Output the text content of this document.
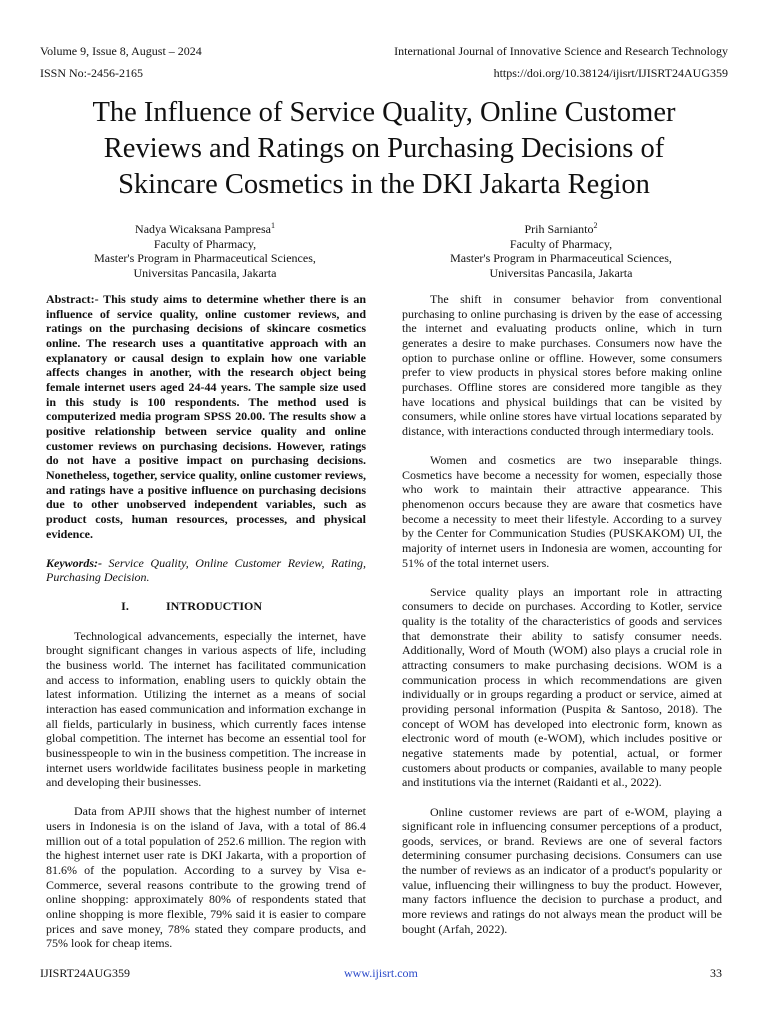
Volume 9, Issue 8, August – 2024	International Journal of Innovative Science and Research Technology
ISSN No:-2456-2165	https://doi.org/10.38124/ijisrt/IJISRT24AUG359
The Influence of Service Quality, Online Customer
Reviews and Ratings on Purchasing Decisions of
Skincare Cosmetics in the DKI Jakarta Region
Nadya Wicaksana Pampresa$^1$
Faculty of Pharmacy,
Master's Program in Pharmaceutical Sciences,
Universitas Pancasila, Jakarta
Prih Sarnianto$^2$
Faculty of Pharmacy,
Master's Program in Pharmaceutical Sciences,
Universitas Pancasila, Jakarta

Abstract:- This study aims to determine whether there is an influence of service quality, online customer reviews, and ratings on the purchasing decisions of skincare cosmetics online. The research uses a quantitative approach with an explanatory or causal design to explain how one variable affects changes in another, with the research object being female internet users aged 24-44 years. The sample size used in this study is 100 respondents. The method used is computerized media program SPSS 20.00. The results show a positive relationship between service quality and online customer reviews on purchasing decisions. However, ratings do not have a positive impact on purchasing decisions. Nonetheless, together, service quality, online customer reviews, and ratings have a positive influence on purchasing decisions due to other unobserved independent variables, such as product costs, human resources, processes, and physical evidence.

Keywords:- Service Quality, Online Customer Review, Rating, Purchasing Decision.

I.	INTRODUCTION

Technological advancements, especially the internet, have brought significant changes in various aspects of life, including the business world. The internet has facilitated communication and access to information, enabling users to quickly obtain the latest information. Utilizing the internet as a means of social interaction has eased communication and information exchange in all fields, particularly in business, which currently faces intense global competition. The internet has become an essential tool for businesspeople to win in the business competition. The increase in internet users worldwide facilitates business people in marketing and developing their businesses.

Data from APJII shows that the highest number of internet users in Indonesia is on the island of Java, with a total of 86.4 million out of a total population of 252.6 million. The region with the highest internet user rate is DKI Jakarta, with a proportion of 81.6% of the population. According to a survey by Visa e-Commerce, several reasons contribute to the growing trend of online shopping: approximately 80% of respondents stated that online shopping is more flexible, 79% said it is easier to compare prices and save money, 78% stated they compare products, and 75% look for cheap items.

The shift in consumer behavior from conventional purchasing to online purchasing is driven by the ease of accessing the internet and evaluating products online, which in turn generates a desire to make purchases. Consumers now have the option to purchase online or offline. However, some consumers prefer to view products in physical stores before making online purchases. Offline stores are considered more tangible as they have locations and physical buildings that can be visited by consumers, while online stores have virtual locations separated by distance, with interactions conducted through intermediary tools.

Women and cosmetics are two inseparable things. Cosmetics have become a necessity for women, especially those who work to maintain their attractive appearance. This phenomenon occurs because they are aware that cosmetics have become a necessity to meet their lifestyle. According to a survey by the Center for Communication Studies (PUSKAKOM) UI, the majority of internet users in Indonesia are women, accounting for 51% of the total internet users.

Service quality plays an important role in attracting consumers to decide on purchases. According to Kotler, service quality is the totality of the characteristics of goods and services that demonstrate their ability to satisfy consumer needs. Additionally, Word of Mouth (WOM) also plays a crucial role in attracting consumers to make purchasing decisions. WOM is a communication process in which recommendations are given individually or in groups regarding a product or service, aimed at providing personal information (Puspita & Santoso, 2018). The concept of WOM has developed into electronic form, known as electronic word of mouth (e-WOM), which includes positive or negative statements made by potential, actual, or former customers about products or companies, available to many people and institutions via the internet (Raidanti et al., 2022).

Online customer reviews are part of e-WOM, playing a significant role in influencing consumer perceptions of a product, goods, services, or brand. Reviews are one of several factors determining consumer purchasing decisions. Consumers can use the number of reviews as an indicator of a product's popularity or value, influencing their willingness to buy the product. However, many factors influence the decision to purchase a product, and more reviews and ratings do not always mean the product will be bought (Arfah, 2022).

IJISRT24AUG359	www.ijisrt.com	33
